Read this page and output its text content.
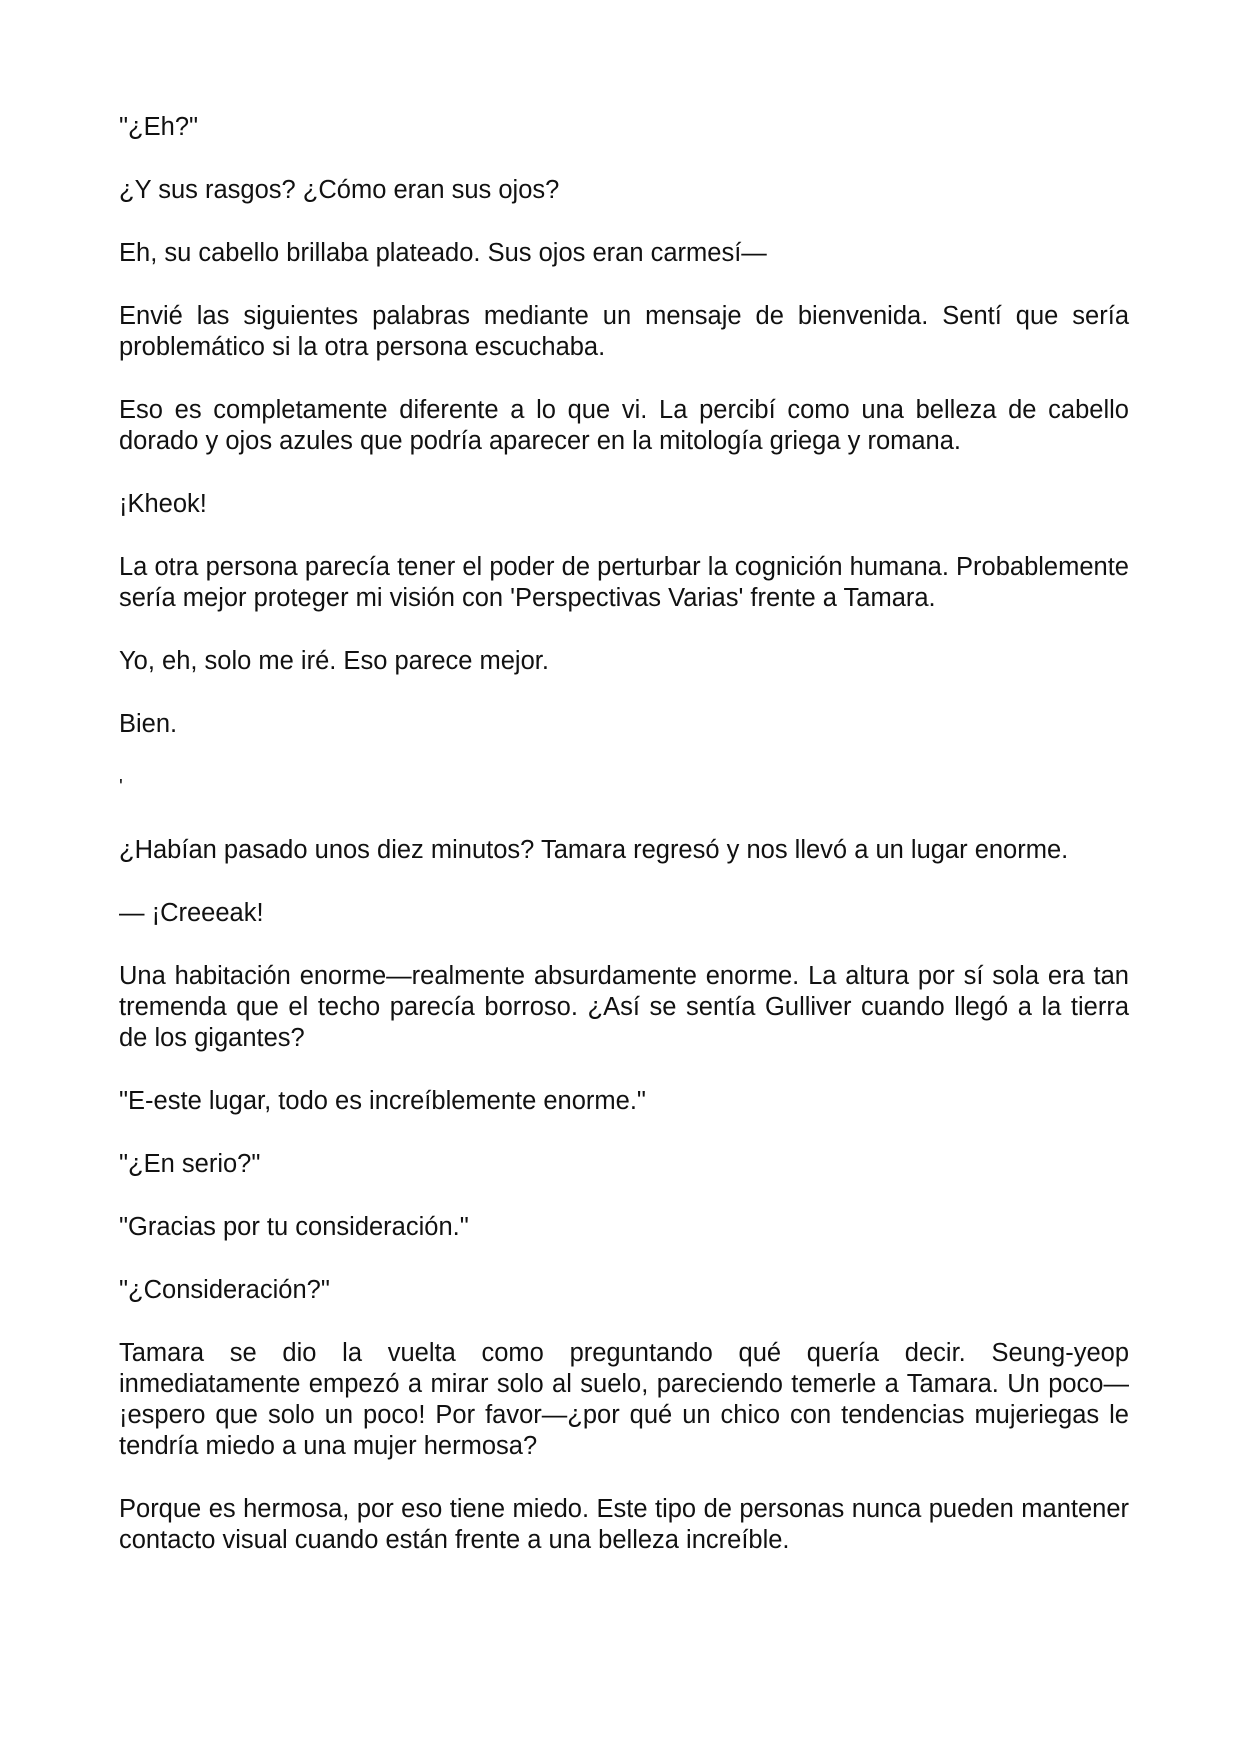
"¿Eh?"

¿Y sus rasgos? ¿Cómo eran sus ojos?

Eh, su cabello brillaba plateado. Sus ojos eran carmesí—

Envié las siguientes palabras mediante un mensaje de bienvenida. Sentí que sería problemático si la otra persona escuchaba.

Eso es completamente diferente a lo que vi. La percibí como una belleza de cabello dorado y ojos azules que podría aparecer en la mitología griega y romana.

¡Kheok!

La otra persona parecía tener el poder de perturbar la cognición humana. Probablemente sería mejor proteger mi visión con 'Perspectivas Varias' frente a Tamara.

Yo, eh, solo me iré. Eso parece mejor.

Bien.

'

¿Habían pasado unos diez minutos? Tamara regresó y nos llevó a un lugar enorme.

— ¡Creeeak!

Una habitación enorme—realmente absurdamente enorme. La altura por sí sola era tan tremenda que el techo parecía borroso. ¿Así se sentía Gulliver cuando llegó a la tierra de los gigantes?

"E-este lugar, todo es increíblemente enorme."

"¿En serio?"

"Gracias por tu consideración."

"¿Consideración?"

Tamara se dio la vuelta como preguntando qué quería decir. Seung-yeop inmediatamente empezó a mirar solo al suelo, pareciendo temerle a Tamara. Un poco—¡espero que solo un poco! Por favor—¿por qué un chico con tendencias mujeriegas le tendría miedo a una mujer hermosa?

Porque es hermosa, por eso tiene miedo. Este tipo de personas nunca pueden mantener contacto visual cuando están frente a una belleza increíble.
